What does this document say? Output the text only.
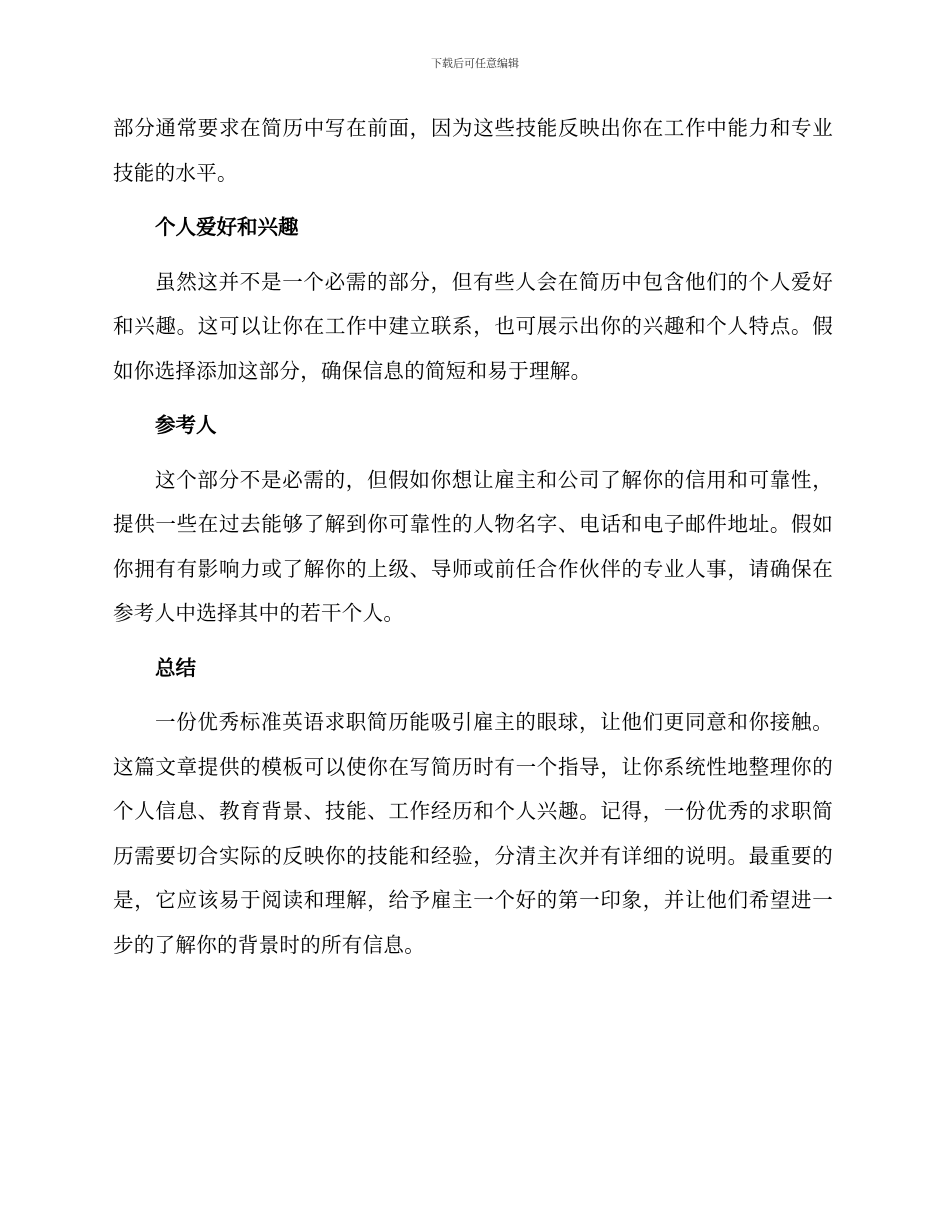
下载后可任意编辑

部分通常要求在简历中写在前面，因为这些技能反映出你在工作中能力和专业技能的水平。

个人爱好和兴趣

虽然这并不是一个必需的部分，但有些人会在简历中包含他们的个人爱好和兴趣。这可以让你在工作中建立联系，也可展示出你的兴趣和个人特点。假如你选择添加这部分，确保信息的简短和易于理解。

参考人

这个部分不是必需的，但假如你想让雇主和公司了解你的信用和可靠性，提供一些在过去能够了解到你可靠性的人物名字、电话和电子邮件地址。假如你拥有有影响力或了解你的上级、导师或前任合作伙伴的专业人事，请确保在参考人中选择其中的若干个人。

总结

一份优秀标准英语求职简历能吸引雇主的眼球，让他们更同意和你接触。这篇文章提供的模板可以使你在写简历时有一个指导，让你系统性地整理你的个人信息、教育背景、技能、工作经历和个人兴趣。记得，一份优秀的求职简历需要切合实际的反映你的技能和经验，分清主次并有详细的说明。最重要的是，它应该易于阅读和理解，给予雇主一个好的第一印象，并让他们希望进一步的了解你的背景时的所有信息。
